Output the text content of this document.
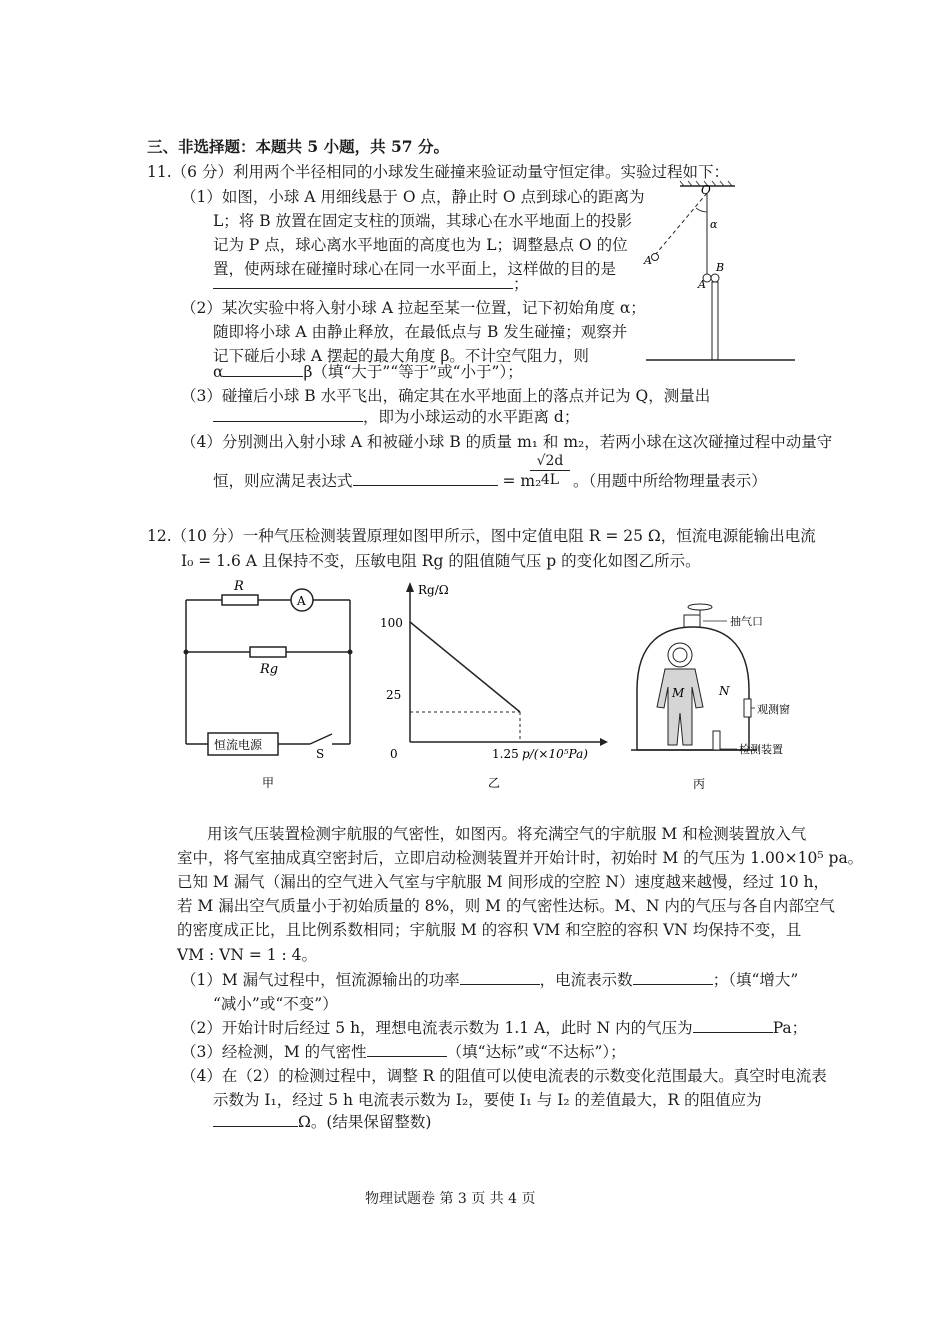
三、非选择题：本题共 5 小题，共 57 分。
11.（6 分）利用两个半径相同的小球发生碰撞来验证动量守恒定律。实验过程如下：
（1）如图，小球 A 用细线悬于 O 点，静止时 O 点到球心的距离为
L；将 B 放置在固定支柱的顶端，其球心在水平地面上的投影
记为 P 点，球心离水平地面的高度也为 L；调整悬点 O 的位
置，使两球在碰撞时球心在同一水平面上，这样做的目的是
；
（2）某次实验中将入射小球 A 拉起至某一位置，记下初始角度 α；
随即将小球 A 由静止释放，在最低点与 B 发生碰撞；观察并
记下碰后小球 A 摆起的最大角度 β。不计空气阻力，则
α	β（填“大于”“等于”或“小于”）；
（3）碰撞后小球 B 水平飞出，确定其在水平地面上的落点并记为 Q，测量出
，即为小球运动的水平距离 d；
（4）分别测出入射小球 A 和被碰小球 B 的质量 m₁ 和 m₂，若两小球在这次碰撞过程中动量守
恒，则应满足表达式	= m₂
$\frac{√2d}{4L}$ 。（用题中所给物理量表示）
O
α
A
B
A
12.（10 分）一种气压检测装置原理如图甲所示，图中定值电阻 R = 25 Ω，恒流电源能输出电流
I₀ = 1.6 A 且保持不变，压敏电阻 Rg 的阻值随气压 p 的变化如图乙所示。
R
A
Rg
恒流电源
S
甲
Rg/Ω
0	1.25 p/(×10⁵Pa)
100
25
乙
抽气口
M	N
观测窗
检测装置
丙
用该气压装置检测宇航服的气密性，如图丙。将充满空气的宇航服 M 和检测装置放入气
室中，将气室抽成真空密封后，立即启动检测装置并开始计时，初始时 M 的气压为 1.00×10⁵ pa。
已知 M 漏气（漏出的空气进入气室与宇航服 M 间形成的空腔 N）速度越来越慢，经过 10 h，
若 M 漏出空气质量小于初始质量的 8%，则 M 的气密性达标。M、N 内的气压与各自内部空气
的密度成正比，且比例系数相同；宇航服 M 的容积 VM 和空腔的容积 VN 均保持不变，且
VM : VN = 1 : 4。
（1）M 漏气过程中，恒流源输出的功率	，电流表示数	；（填“增大”
“减小”或“不变”）
（2）开始计时后经过 5 h，理想电流表示数为 1.1 A，此时 N 内的气压为	Pa；
（3）经检测，M 的气密性	（填“达标”或“不达标”）；
（4）在（2）的检测过程中，调整 R 的阻值可以使电流表的示数变化范围最大。真空时电流表
示数为 I₁，经过 5 h 电流表示数为 I₂，要使 I₁ 与 I₂ 的差值最大，R 的阻值应为
Ω。(结果保留整数)
物理试题卷 第 3 页 共 4 页
